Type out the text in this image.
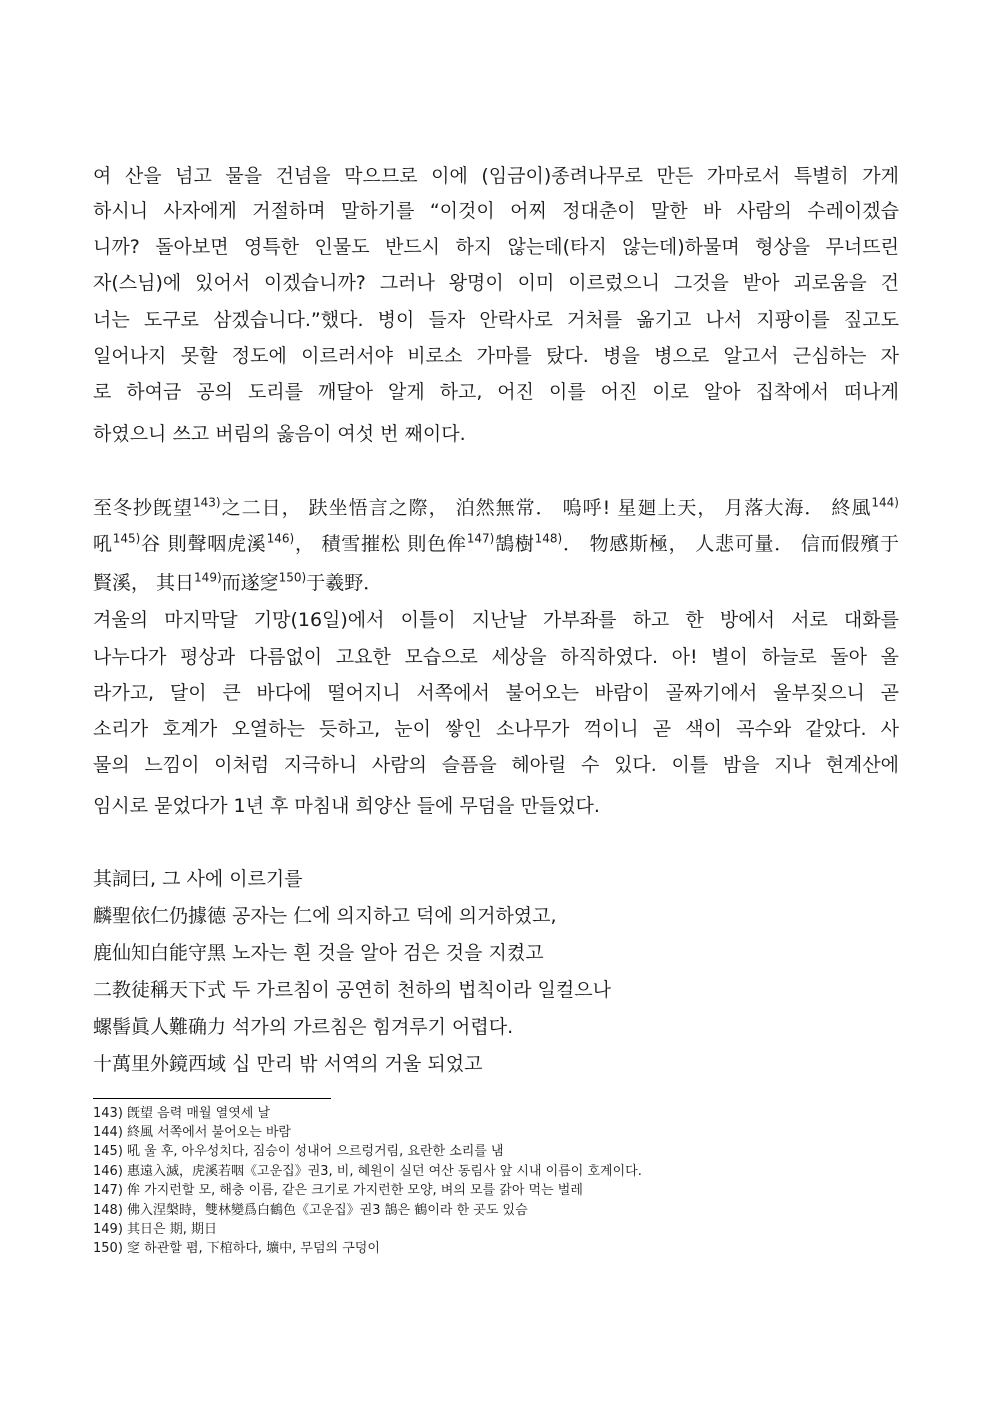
여 산을 넘고 물을 건넘을 막으므로 이에 (임금이)종려나무로 만든 가마로서 특별히 가게
하시니 사자에게 거절하며 말하기를 “이것이 어찌 정대춘이 말한 바 사람의 수레이겠습
니까? 돌아보면 영특한 인물도 반드시 하지 않는데(타지 않는데)하물며 형상을 무너뜨린
자(스님)에 있어서 이겠습니까? 그러나 왕명이 이미 이르렀으니 그것을 받아 괴로움을 건
너는 도구로 삼겠습니다.”했다. 병이 들자 안락사로 거처를 옮기고 나서 지팡이를 짚고도
일어나지 못할 정도에 이르러서야 비로소 가마를 탔다. 병을 병으로 알고서 근심하는 자
로 하여금 공의 도리를 깨달아 알게 하고, 어진 이를 어진 이로 알아 집착에서 떠나게
하였으니 쓰고 버림의 옳음이 여섯 번 째이다.
至冬抄旣望$^{143)}$之二日， 趺坐悟言之際， 泊然無常． 嗚呼! 星廻上天， 月落大海． 終風$^{144)}$
吼$^{145)}$谷 則聲咽虎溪$^{146)}$， 積雪摧松 則色侔$^{147)}$鵠樹$^{148)}$． 物感斯極， 人悲可量． 信而假殯于
賢溪， 其日$^{149)}$而遂窆$^{150)}$于羲野．
겨울의 마지막달 기망(16일)에서 이틀이 지난날 가부좌를 하고 한 방에서 서로 대화를
나누다가 평상과 다름없이 고요한 모습으로 세상을 하직하였다. 아! 별이 하늘로 돌아 올
라가고, 달이 큰 바다에 떨어지니 서쪽에서 불어오는 바람이 골짜기에서 울부짖으니 곧
소리가 호계가 오열하는 듯하고, 눈이 쌓인 소나무가 꺽이니 곧 색이 곡수와 같았다. 사
물의 느낌이 이처럼 지극하니 사람의 슬픔을 헤아릴 수 있다. 이틀 밤을 지나 현계산에
임시로 묻었다가 1년 후 마침내 희양산 들에 무덤을 만들었다.
其詞曰, 그 사에 이르기를
麟聖依仁仍據德 공자는 仁에 의지하고 덕에 의거하였고,
鹿仙知白能守黑 노자는 흰 것을 알아 검은 것을 지켰고
二教徒稱天下式 두 가르침이 공연히 천하의 법칙이라 일컬으나
螺髻眞人難确力 석가의 가르침은 힘겨루기 어렵다.
十萬里外鏡西域 십 만리 밖 서역의 거울 되었고
143) 旣望 음력 매월 열엿세 날
144) 終風 서쪽에서 불어오는 바람
145) 吼 울 후, 아우성치다, 짐승이 성내어 으르렁거림, 요란한 소리를 냄
146) 惠遠入滅，虎溪若咽《고운집》권3, 비, 혜원이 실던 여산 동림사 앞 시내 이름이 호계이다.
147) 侔 가지런할 모, 해충 이름, 같은 크기로 가지런한 모양, 벼의 모를 갉아 먹는 벌레
148) 佛入涅槃時，雙林變爲白鶴色《고운집》권3 鵠은 鶴이라 한 곳도 있슴
149) 其日은 期, 期日
150) 窆 하관할 폄, 下棺하다, 壙中, 무덤의 구덩이
